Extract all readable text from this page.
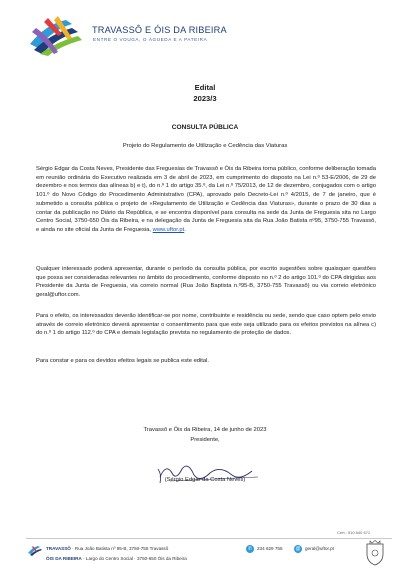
TRAVASSÔ E ÓIS DA RIBEIRA
ENTRE O VOUGA, O ÁGUEDA E A PATEIRA
Edital
2023/3
CONSULTA PÚBLICA
Projeto do Regulamento de Utilização e Cedência das Viaturas
Sérgio Edgar da Costa Neves, Presidente das Freguesias de Travassô e Óis da Ribeira torna público, conforme deliberação tomada em reunião ordinária do Executivo realizada em 3 de abril de 2023, em cumprimento do disposto na Lei n.º 53-E/2006, de 29 de dezembro e nos termos das alíneas b) e t), do n.º 1 do artigo 35.º, da Lei n.º 75/2013, de 12 de dezembro, conjugados com o artigo 101.º do Novo Código do Procedimento Administrativo (CPA), aprovado pelo Decreto-Lei n.º 4/2015, de 7 de janeiro, que é submetido a consulta pública o projeto de «Regulamento de Utilização e Cedência das Viaturas», durante o prazo de 30 dias a contar da publicação no Diário da República, e se encontra disponível para consulta na sede da Junta de Freguesia sita no Largo Centro Social, 3750-650 Óis da Ribeira, e na delegação da Junta de Freguesia sita da Rua João Batista nº95, 3750-755 Travassô, e ainda no site oficial da Junta de Freguesia, www.uftor.pt.
Qualquer interessado poderá apresentar, durante o período da consulta pública, por escrito sugestões sobre quaisquer questões que possa ser consideradas relevantes no âmbito do procedimento, conforme disposto no n.º 2 do artigo 101.º do CPA dirigidas aos Presidente da Junta de Freguesia, via correio normal (Rua João Baptista n.º95-B, 3750-755 Travassô) ou via correio eletrónico geral@uftor.com.
Para o efeito, os interessados deverão identificar-se por nome, contribuinte e residência ou sede, sendo que caso optem pelo envio através de correio eletrónico deverá apresentar o consentimento para que este seja utilizado para os efeitos previstos na alínea c) do n.º 1 do artigo 112.º do CPA e demais legislação prevista no regulamento de proteção de dados.
Para constar e para os devidos efeitos legais se publica este edital.
Travassô e Óis da Ribeira, 14 de junho de 2023
Presidente,
(Sérgio Edgar da Costa Neves)
Cert.: 510 840 671
TRAVASSÔ · Rua João Batista nº 95-B, 3750-755 Travassô
ÓIS DA RIBEIRA · Largo do Centro Social · 3750-650 Óis da Ribeira
✆	234 629 755	@ geral@uftor.pt
